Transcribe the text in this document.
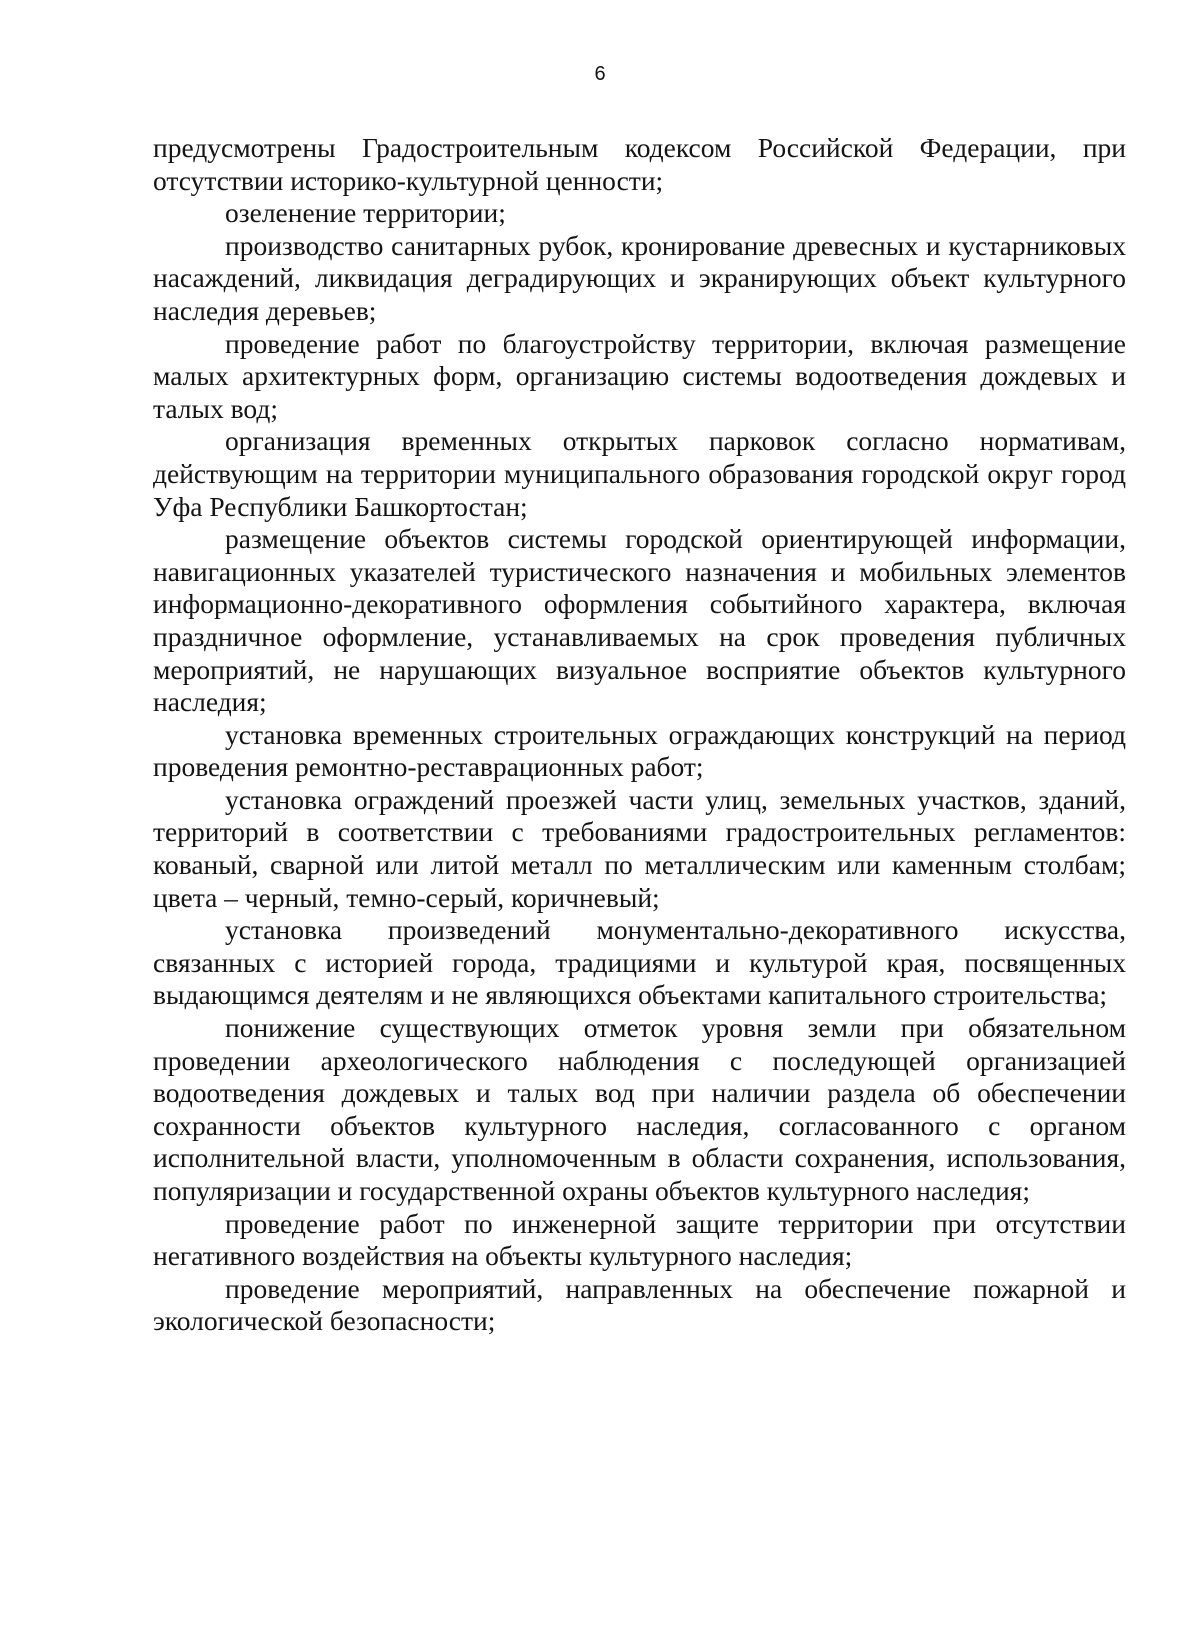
6

предусмотрены Градостроительным кодексом Российской Федерации, при отсутствии историко-культурной ценности;

озеленение территории;

производство санитарных рубок, кронирование древесных и кустарниковых насаждений, ликвидация деградирующих и экранирующих объект культурного наследия деревьев;

проведение работ по благоустройству территории, включая размещение малых архитектурных форм, организацию системы водоотведения дождевых и талых вод;

организация временных открытых парковок согласно нормативам, действующим на территории муниципального образования городской округ город Уфа Республики Башкортостан;

размещение объектов системы городской ориентирующей информации, навигационных указателей туристического назначения и мобильных элементов информационно-декоративного оформления событийного характера, включая праздничное оформление, устанавливаемых на срок проведения публичных мероприятий, не нарушающих визуальное восприятие объектов культурного наследия;

установка временных строительных ограждающих конструкций на период проведения ремонтно-реставрационных работ;

установка ограждений проезжей части улиц, земельных участков, зданий, территорий в соответствии с требованиями градостроительных регламентов: кованый, сварной или литой металл по металлическим или каменным столбам; цвета – черный, темно-серый, коричневый;

установка произведений монументально-декоративного искусства, связанных с историей города, традициями и культурой края, посвященных выдающимся деятелям и не являющихся объектами капитального строительства;

понижение существующих отметок уровня земли при обязательном проведении археологического наблюдения с последующей организацией водоотведения дождевых и талых вод при наличии раздела об обеспечении сохранности объектов культурного наследия, согласованного с органом исполнительной власти, уполномоченным в области сохранения, использования, популяризации и государственной охраны объектов культурного наследия;

проведение работ по инженерной защите территории при отсутствии негативного воздействия на объекты культурного наследия;

проведение мероприятий, направленных на обеспечение пожарной и экологической безопасности;
